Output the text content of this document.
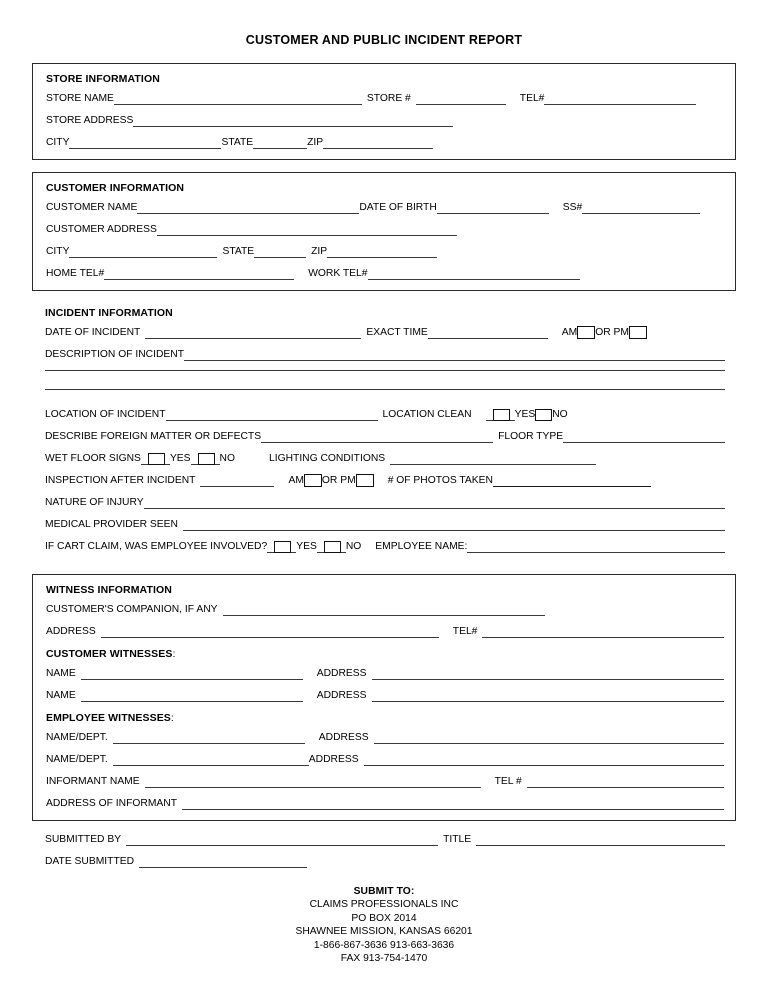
CUSTOMER AND PUBLIC INCIDENT REPORT
STORE INFORMATION
STORE NAME	STORE #	TEL#
STORE ADDRESS
CITY	STATE	ZIP
CUSTOMER INFORMATION
CUSTOMER NAME	DATE OF BIRTH	SS#
CUSTOMER ADDRESS
CITY	STATE	ZIP
HOME TEL#	WORK TEL#
INCIDENT INFORMATION
DATE OF INCIDENT	EXACT TIME	AM OR PM
DESCRIPTION OF INCIDENT
LOCATION OF INCIDENT	LOCATION CLEAN	YES NO
DESCRIBE FOREIGN MATTER OR DEFECTS	FLOOR TYPE
WET FLOOR SIGNS	YES	NO	LIGHTING CONDITIONS
INSPECTION AFTER INCIDENT	AM OR PM	# OF PHOTOS TAKEN
NATURE OF INJURY
MEDICAL PROVIDER SEEN
IF CART CLAIM, WAS EMPLOYEE INVOLVED?	YES	NO EMPLOYEE NAME:
WITNESS INFORMATION
CUSTOMER'S COMPANION, IF ANY
ADDRESS	TEL#
CUSTOMER WITNESSES:
NAME	ADDRESS
NAME	ADDRESS
EMPLOYEE WITNESSES:
NAME/DEPT.	ADDRESS
NAME/DEPT.	ADDRESS
INFORMANT NAME	TEL #
ADDRESS OF INFORMANT
SUBMITTED BY	TITLE
DATE SUBMITTED
SUBMIT TO:
CLAIMS PROFESSIONALS INC
PO BOX 2014
SHAWNEE MISSION, KANSAS 66201
1-866-867-3636 913-663-3636
FAX 913-754-1470
